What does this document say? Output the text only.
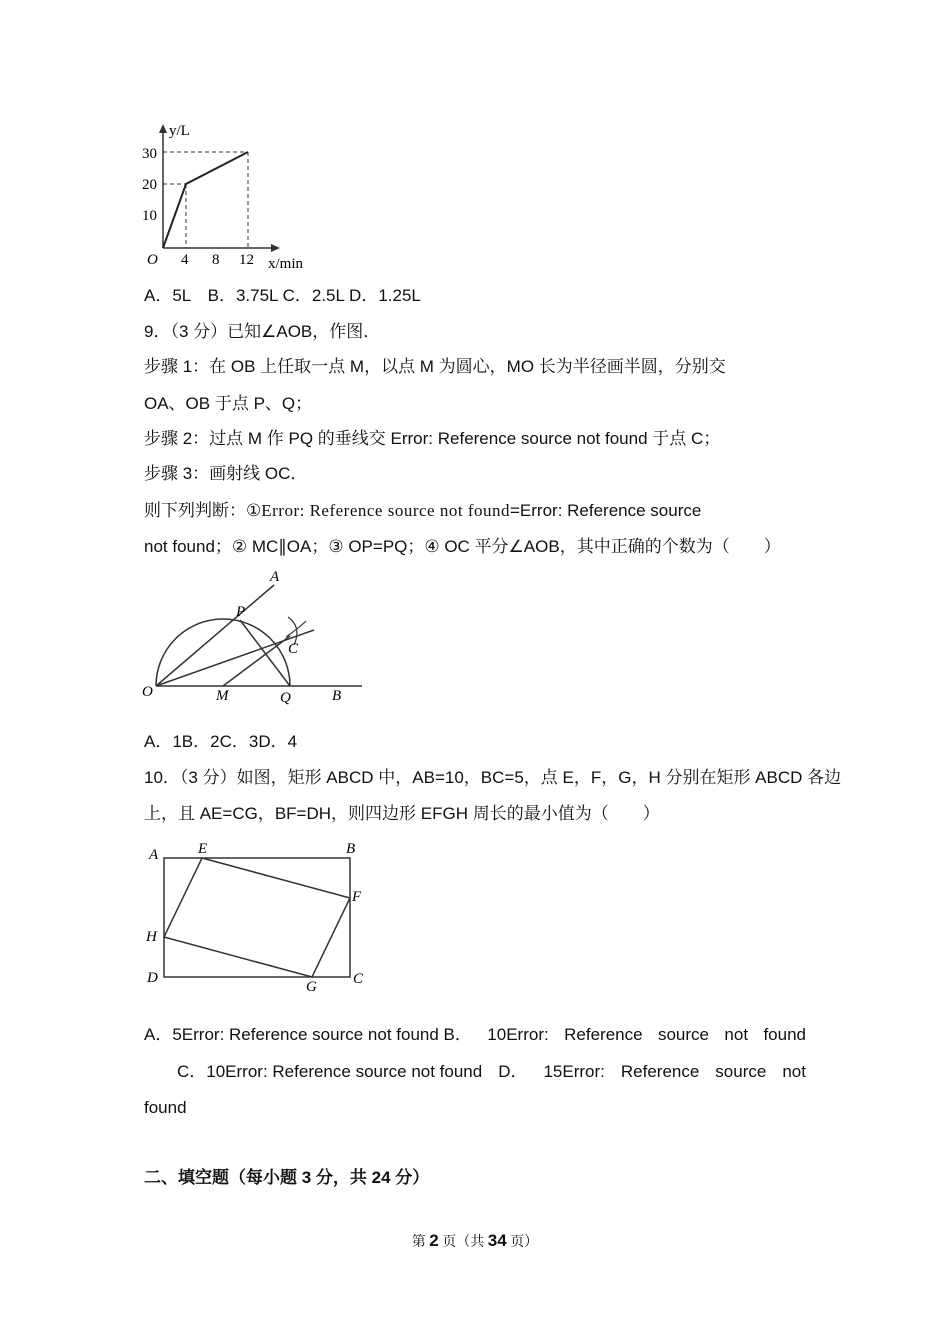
y/L
30
20
10
O 4 8 12 x/min
A．5L　B．3.75L C．2.5L D．1.25L
9．（3 分）已知∠AOB，作图．
步骤 1：在 OB 上任取一点 M，以点 M 为圆心，MO 长为半径画半圆，分别交
OA、OB 于点 P、Q；
步骤 2：过点 M 作 PQ 的垂线交 Error: Reference source not found 于点 C；
步骤 3：画射线 OC．
则下列判断：①Error: Reference source not found=Error: Reference source
not found；② MC∥OA；③ OP=PQ；④ OC 平分∠AOB，其中正确的个数为（　　）
A
P
C
O	M	Q	B
A．1B．2C．3D．4
10．（3 分）如图，矩形 ABCD 中，AB=10，BC=5，点 E，F，G，H 分别在矩形 ABCD 各边
上，且 AE=CG，BF=DH，则四边形 EFGH 周长的最小值为（　　）
A	E	B
F
H
D
G C
A．5Error: Reference source not found B． 10Error: Reference source not found
C．10Error: Reference source not found D． 15Error: Reference source not
found
二、填空题（每小题 3 分，共 24 分）
第 2 页（共 34 页）
